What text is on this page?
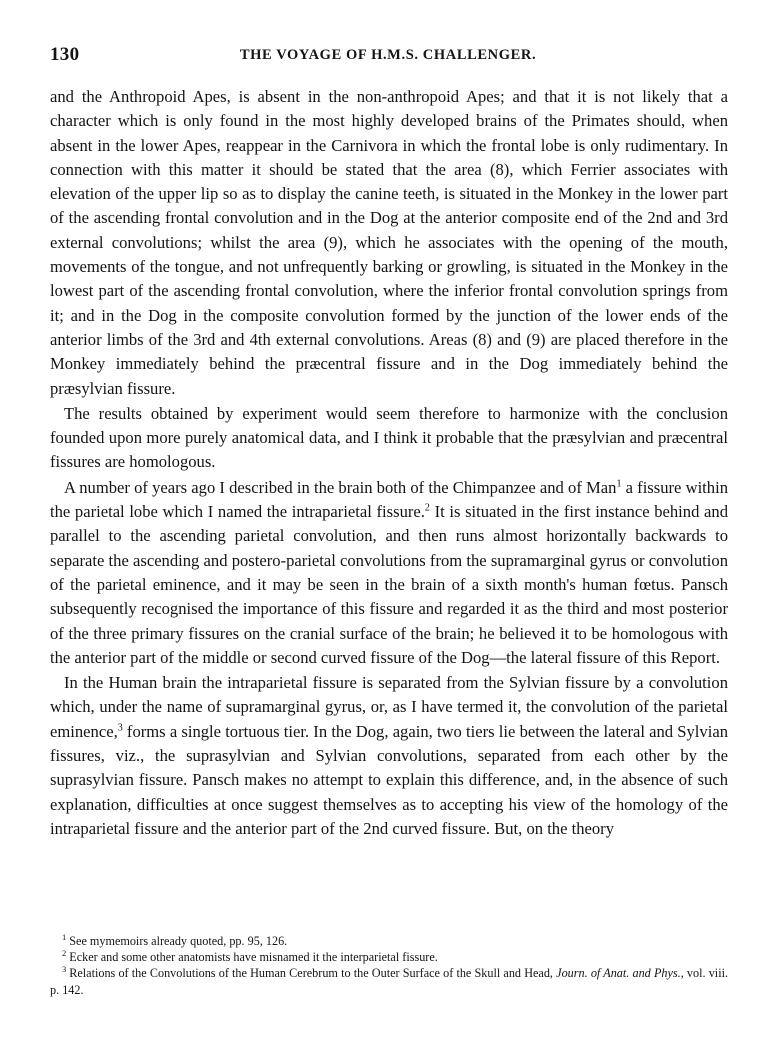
130	THE VOYAGE OF H.M.S. CHALLENGER.

and the Anthropoid Apes, is absent in the non-anthropoid Apes; and that it is not likely that a character which is only found in the most highly developed brains of the Primates should, when absent in the lower Apes, reappear in the Carnivora in which the frontal lobe is only rudimentary. In connection with this matter it should be stated that the area (8), which Ferrier associates with elevation of the upper lip so as to display the canine teeth, is situated in the Monkey in the lower part of the ascending frontal convolution and in the Dog at the anterior composite end of the 2nd and 3rd external convolutions; whilst the area (9), which he associates with the opening of the mouth, movements of the tongue, and not unfrequently barking or growling, is situated in the Monkey in the lowest part of the ascending frontal convolution, where the inferior frontal convolution springs from it; and in the Dog in the composite convolution formed by the junction of the lower ends of the anterior limbs of the 3rd and 4th external convolutions. Areas (8) and (9) are placed therefore in the Monkey immediately behind the præcentral fissure and in the Dog immediately behind the præsylvian fissure.

The results obtained by experiment would seem therefore to harmonize with the conclusion founded upon more purely anatomical data, and I think it probable that the præsylvian and præcentral fissures are homologous.

A number of years ago I described in the brain both of the Chimpanzee and of Man$^1$ a fissure within the parietal lobe which I named the intraparietal fissure.$^2$ It is situated in the first instance behind and parallel to the ascending parietal convolution, and then runs almost horizontally backwards to separate the ascending and postero-parietal convolutions from the supramarginal gyrus or convolution of the parietal eminence, and it may be seen in the brain of a sixth month's human fœtus. Pansch subsequently recognised the importance of this fissure and regarded it as the third and most posterior of the three primary fissures on the cranial surface of the brain; he believed it to be homologous with the anterior part of the middle or second curved fissure of the Dog—the lateral fissure of this Report.

In the Human brain the intraparietal fissure is separated from the Sylvian fissure by a convolution which, under the name of supramarginal gyrus, or, as I have termed it, the convolution of the parietal eminence,$^3$ forms a single tortuous tier. In the Dog, again, two tiers lie between the lateral and Sylvian fissures, viz., the suprasylvian and Sylvian convolutions, separated from each other by the suprasylvian fissure. Pansch makes no attempt to explain this difference, and, in the absence of such explanation, difficulties at once suggest themselves as to accepting his view of the homology of the intraparietal fissure and the anterior part of the 2nd curved fissure. But, on the theory

$^1$ See mymemoirs already quoted, pp. 95, 126.

$^2$ Ecker and some other anatomists have misnamed it the interparietal fissure.

$^3$ Relations of the Convolutions of the Human Cerebrum to the Outer Surface of the Skull and Head, Journ. of Anat. and Phys., vol. viii. p. 142.
